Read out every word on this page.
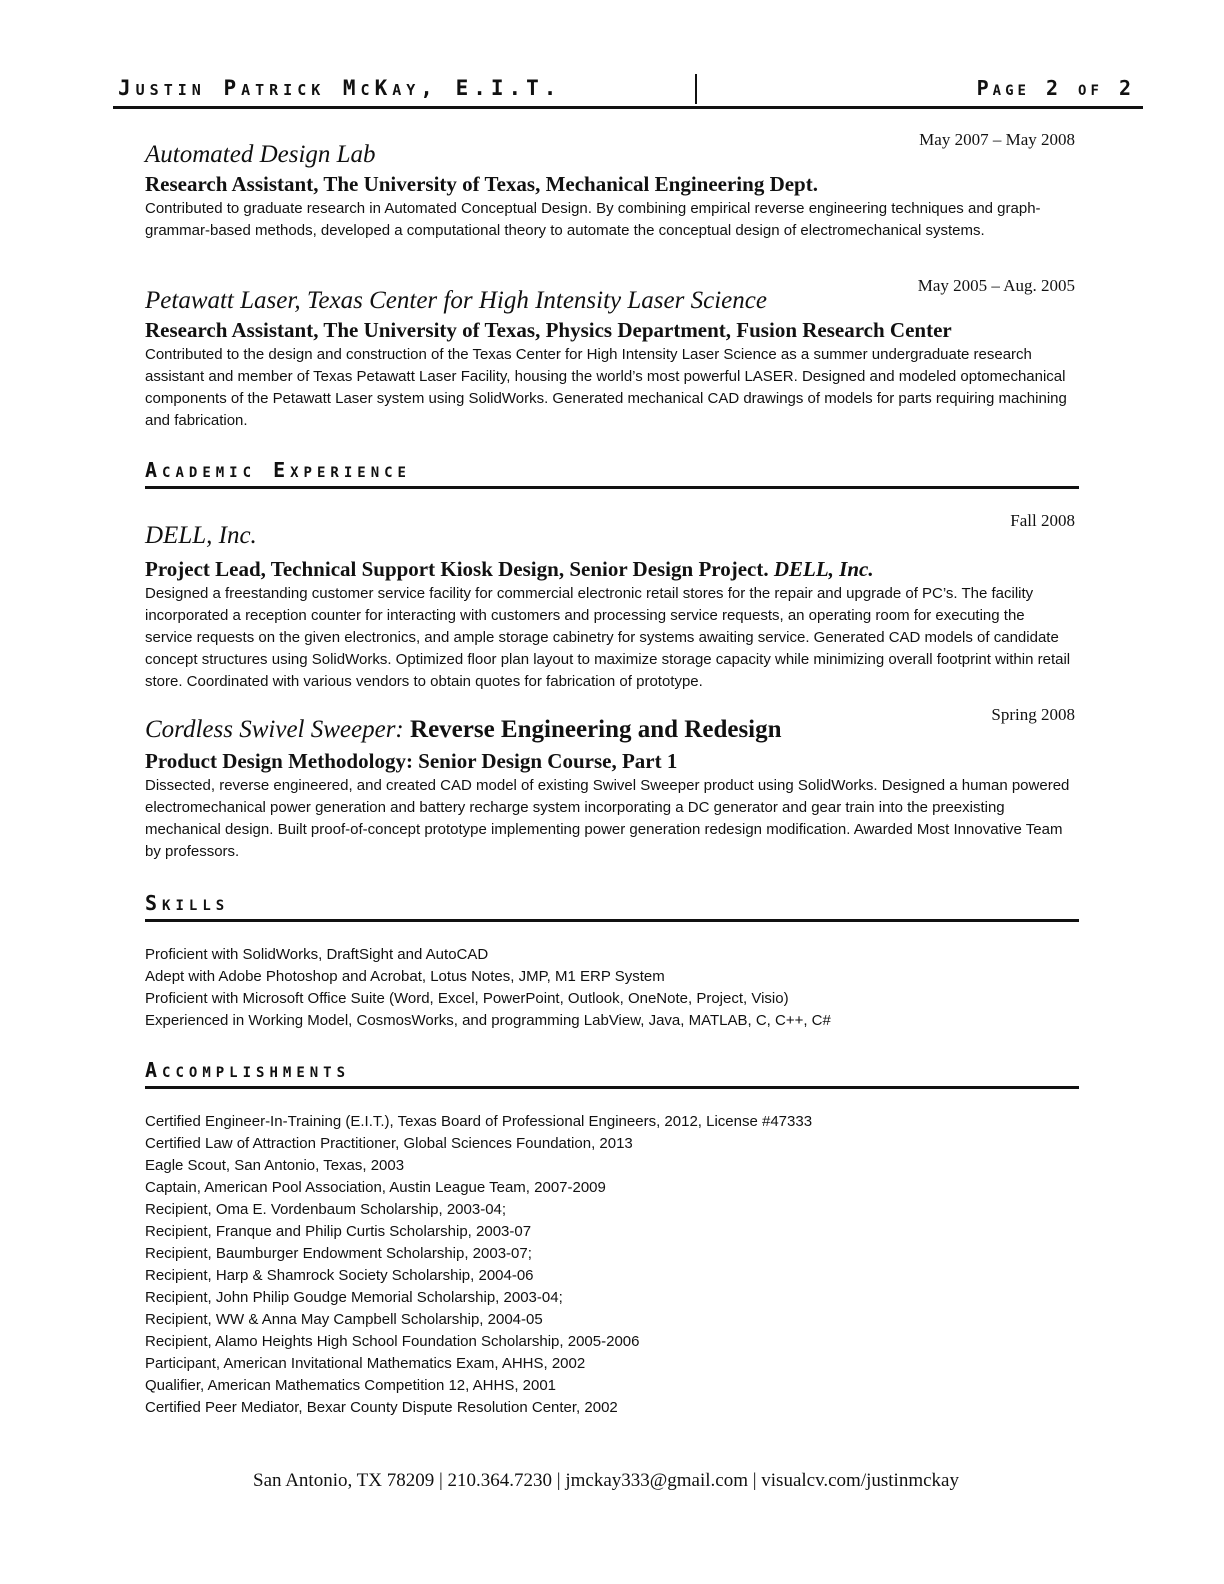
Justin Patrick McKay, E.I.T.	Page 2 of 2
May 2007 – May 2008

Automated Design Lab

Research Assistant, The University of Texas, Mechanical Engineering Dept.

Contributed to graduate research in Automated Conceptual Design. By combining empirical reverse engineering techniques and graph-grammar-based methods, developed a computational theory to automate the conceptual design of electromechanical systems.

May 2005 – Aug. 2005

Petawatt Laser, Texas Center for High Intensity Laser Science

Research Assistant, The University of Texas, Physics Department, Fusion Research Center

Contributed to the design and construction of the Texas Center for High Intensity Laser Science as a summer undergraduate research assistant and member of Texas Petawatt Laser Facility, housing the world’s most powerful LASER. Designed and modeled optomechanical components of the Petawatt Laser system using SolidWorks. Generated mechanical CAD drawings of models for parts requiring machining and fabrication.

Academic Experience
Fall 2008

DELL, Inc.

Project Lead, Technical Support Kiosk Design, Senior Design Project. DELL, Inc.

Designed a freestanding customer service facility for commercial electronic retail stores for the repair and upgrade of PC’s. The facility incorporated a reception counter for interacting with customers and processing service requests, an operating room for executing the service requests on the given electronics, and ample storage cabinetry for systems awaiting service. Generated CAD models of candidate concept structures using SolidWorks. Optimized floor plan layout to maximize storage capacity while minimizing overall footprint within retail store. Coordinated with various vendors to obtain quotes for fabrication of prototype.

Spring 2008

Cordless Swivel Sweeper: Reverse Engineering and Redesign

Product Design Methodology: Senior Design Course, Part 1

Dissected, reverse engineered, and created CAD model of existing Swivel Sweeper product using SolidWorks. Designed a human powered electromechanical power generation and battery recharge system incorporating a DC generator and gear train into the preexisting mechanical design. Built proof-of-concept prototype implementing power generation redesign modification. Awarded Most Innovative Team by professors.

Skills
Proficient with SolidWorks, DraftSight and AutoCAD
Adept with Adobe Photoshop and Acrobat, Lotus Notes, JMP, M1 ERP System
Proficient with Microsoft Office Suite (Word, Excel, PowerPoint, Outlook, OneNote, Project, Visio)
Experienced in Working Model, CosmosWorks, and programming LabView, Java, MATLAB, C, C++, C#
Accomplishments
Certified Engineer-In-Training (E.I.T.), Texas Board of Professional Engineers, 2012, License #47333
Certified Law of Attraction Practitioner, Global Sciences Foundation, 2013
Eagle Scout, San Antonio, Texas, 2003
Captain, American Pool Association, Austin League Team, 2007-2009
Recipient, Oma E. Vordenbaum Scholarship, 2003-04;
Recipient, Franque and Philip Curtis Scholarship, 2003-07
Recipient, Baumburger Endowment Scholarship, 2003-07;
Recipient, Harp & Shamrock Society Scholarship, 2004-06
Recipient, John Philip Goudge Memorial Scholarship, 2003-04;
Recipient, WW & Anna May Campbell Scholarship, 2004-05
Recipient, Alamo Heights High School Foundation Scholarship, 2005-2006
Participant, American Invitational Mathematics Exam, AHHS, 2002
Qualifier, American Mathematics Competition 12, AHHS, 2001
Certified Peer Mediator, Bexar County Dispute Resolution Center, 2002
San Antonio, TX 78209 | 210.364.7230 | jmckay333@gmail.com | visualcv.com/justinmckay
